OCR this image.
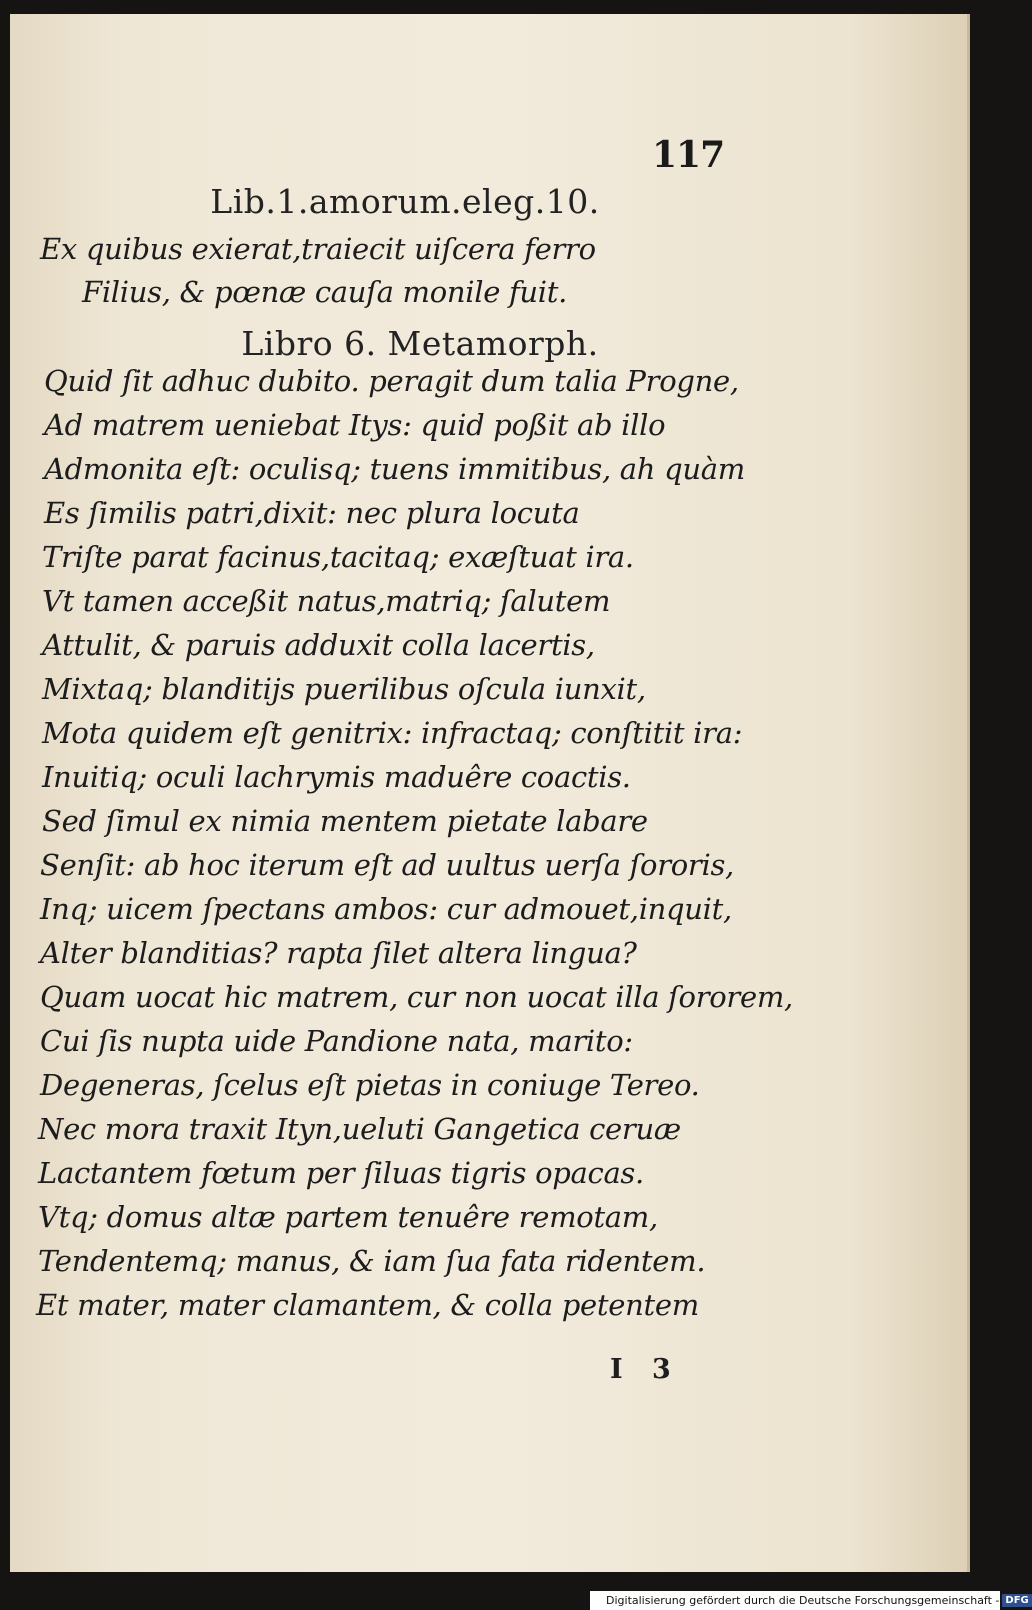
117
Lib.1.amorum.eleg.10.
Ex quibus exierat,traiecit uiſcera ferro
Filius, & pœnæ cauſa monile fuit.
Libro 6. Metamorph.
Quid ſit adhuc dubito. peragit dum talia Progne,
Ad matrem ueniebat Itys: quid poßit ab illo
Admonita eſt: oculisq; tuens immitibus, ah quàm
Es ſimilis patri,dixit: nec plura locuta
Triſte parat facinus,tacitaq; exæſtuat ira.
Vt tamen acceßit natus,matriq; ſalutem
Attulit, & paruis adduxit colla lacertis,
Mixtaq; blanditijs puerilibus oſcula iunxit,
Mota quidem eſt genitrix: infractaq; conſtitit ira:
Inuitiq; oculi lachrymis maduêre coactis.
Sed ſimul ex nimia mentem pietate labare
Senſit: ab hoc iterum eſt ad uultus uerſa ſororis,
Inq; uicem ſpectans ambos: cur admouet,inquit,
Alter blanditias? rapta ſilet altera lingua?
Quam uocat hic matrem, cur non uocat illa ſororem,
Cui ſis nupta uide Pandione nata, marito:
Degeneras, ſcelus eſt pietas in coniuge Tereo.
Nec mora traxit Ityn,ueluti Gangetica ceruæ
Lactantem fœtum per ſiluas tigris opacas.
Vtq; domus altæ partem tenuêre remotam,
Tendentemq; manus, & iam ſua fata ridentem.
Et mater, mater clamantem, & colla petentem
I 3
Digitalisierung gefördert durch die Deutsche Forschungsgemeinschaft - DFG
